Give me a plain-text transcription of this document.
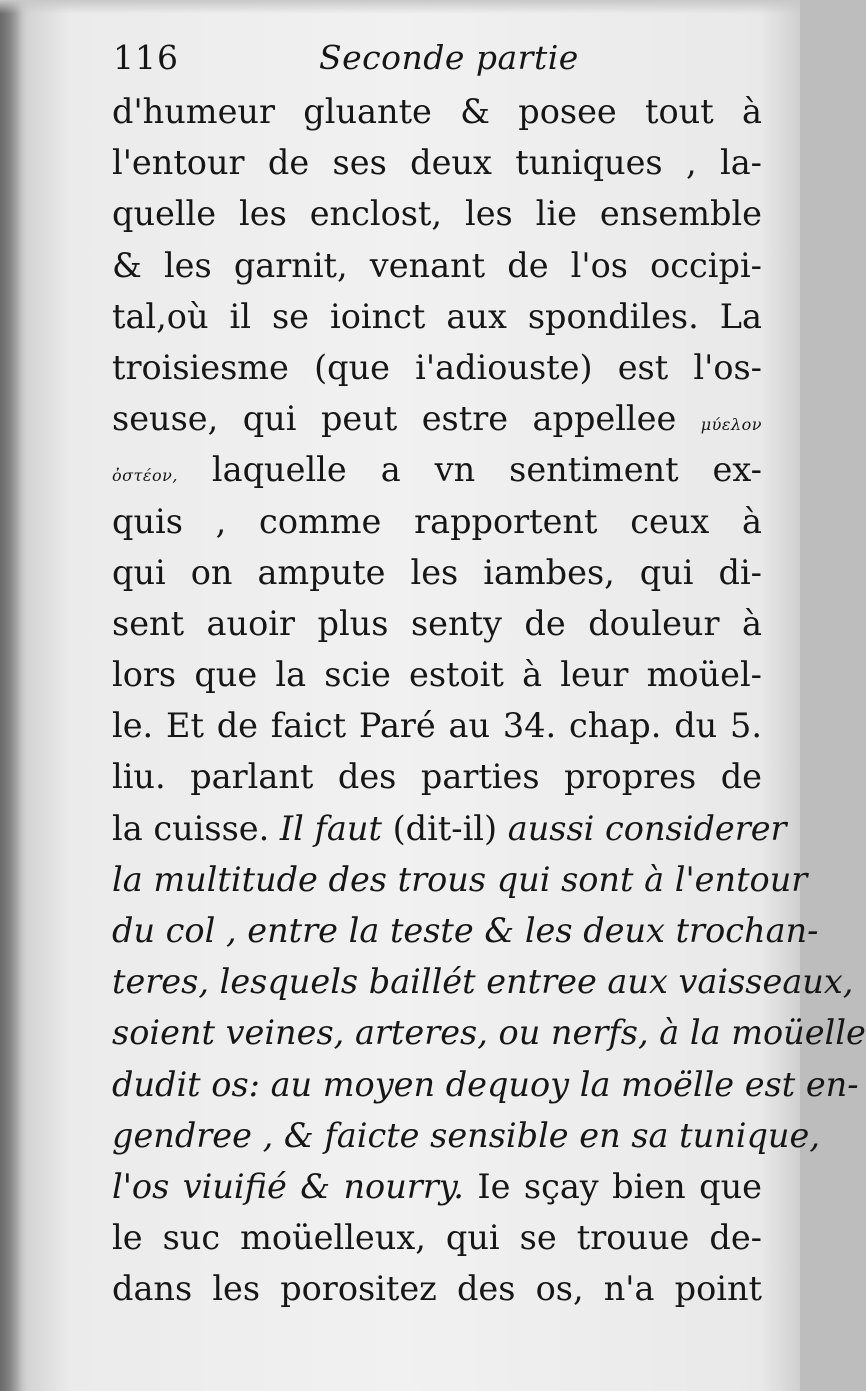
116	Seconde partie
d'humeur gluante & posee tout à
l'entour de ses deux tuniques , la-
quelle les enclost, les lie ensemble
& les garnit, venant de l'os occipi-
tal,où il se ioinct aux spondiles. La
troisiesme (que i'adiouste) est l'os-
seuse, qui peut estre appellee μύελον
ὀστέον, laquelle a vn sentiment ex-
quis , comme rapportent ceux à
qui on ampute les iambes, qui di-
sent auoir plus senty de douleur à
lors que la scie estoit à leur moüel-
le. Et de faict Paré au 34. chap. du 5.
liu. parlant des parties propres de
la cuisse. Il faut (dit-il) aussi considerer
la multitude des trous qui sont à l'entour
du col , entre la teste & les deux trochan-
teres, lesquels baillét entree aux vaisseaux,
soient veines, arteres, ou nerfs, à la moüelle
dudit os: au moyen dequoy la moëlle est en-
gendree , & faicte sensible en sa tunique,
l'os viuifié & nourry. Ie sçay bien que
le suc moüelleux, qui se trouue de-
dans les porositez des os, n'a point
